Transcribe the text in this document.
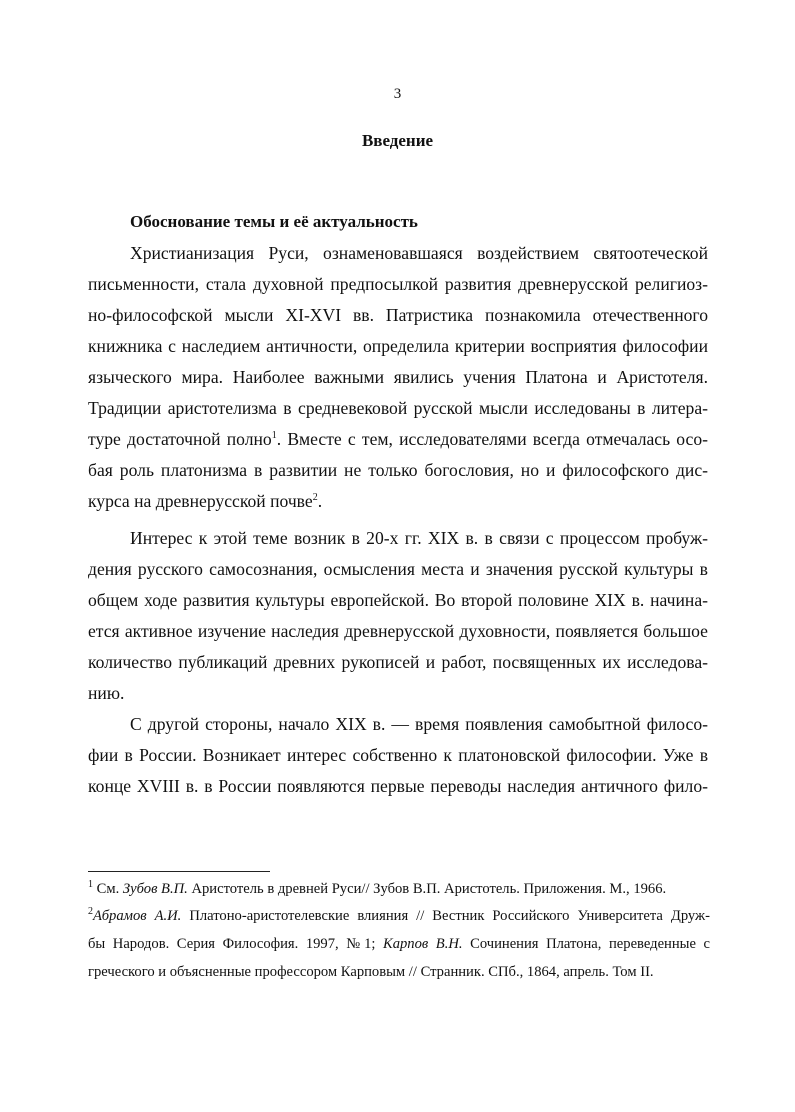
3
Введение
Обоснование темы и её актуальность
Христианизация Руси, ознаменовавшаяся воздействием святоотеческой
письменности, стала духовной предпосылкой развития древнерусской религиоз-
но-философской мысли XI-XVI вв. Патристика познакомила отечественного
книжника с наследием античности, определила критерии восприятия философии
языческого мира. Наиболее важными явились учения Платона и Аристотеля.
Традиции аристотелизма в средневековой русской мысли исследованы в литера-
туре достаточной полно$^1$. Вместе с тем, исследователями всегда отмечалась осо-
бая роль платонизма в развитии не только богословия, но и философского дис-
курса на древнерусской почве$^2$.
Интерес к этой теме возник в 20-х гг. XIX в. в связи с процессом пробуж-
дения русского самосознания, осмысления места и значения русской культуры в
общем ходе развития культуры европейской. Во второй половине XIX в. начина-
ется активное изучение наследия древнерусской духовности, появляется большое
количество публикаций древних рукописей и работ, посвященных их исследова-
нию.
С другой стороны, начало XIX в. — время появления самобытной филосо-
фии в России. Возникает интерес собственно к платоновской философии. Уже в
конце XVIII в. в России появляются первые переводы наследия античного фило-
$^1$ См. Зубов В.П. Аристотель в древней Руси// Зубов В.П. Аристотель. Приложения. М., 1966.
$^2$Абрамов А.И. Платоно-аристотелевские влияния // Вестник Российского Университета Друж-
бы Народов. Серия Философия. 1997, №1; Карпов В.Н. Сочинения Платона, переведенные с
греческого и объясненные профессором Карповым // Странник. СПб., 1864, апрель. Том II.
